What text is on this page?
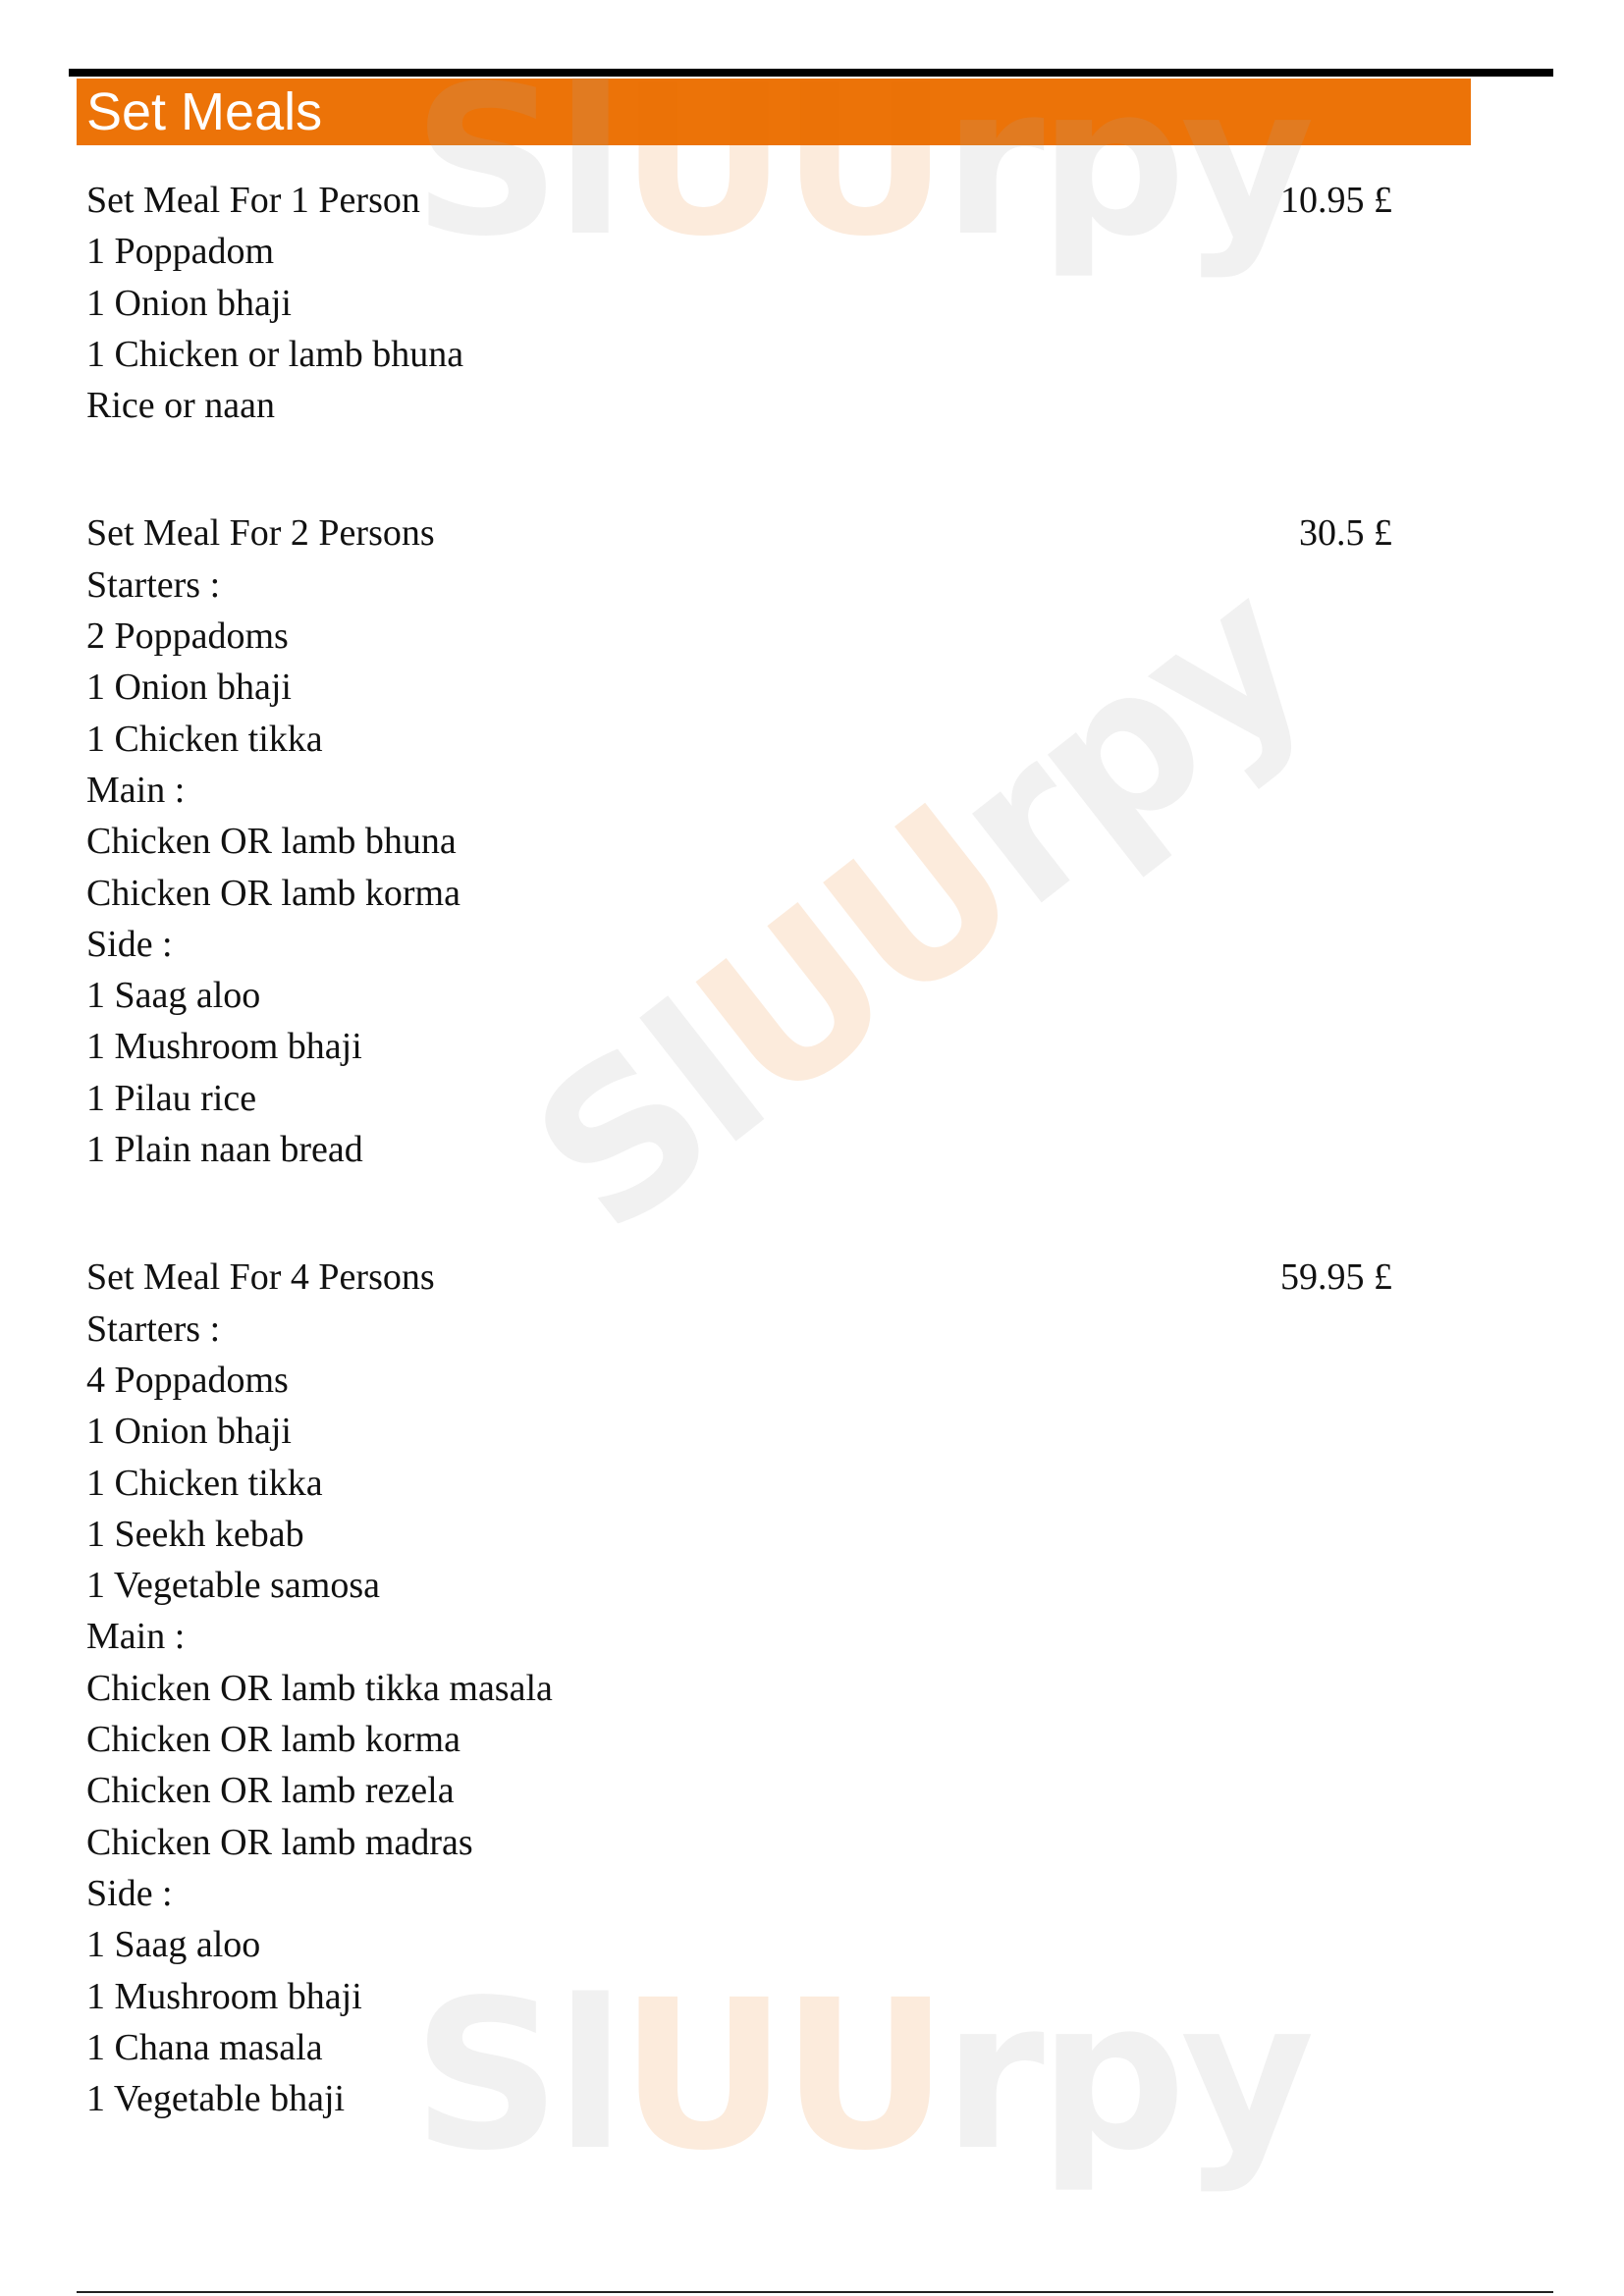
Set Meals SlUUrpy
SlUUrpy
SlUUrpy
Set Meal For 1 Person	10.95 £
1 Poppadom
1 Onion bhaji
1 Chicken or lamb bhuna
Rice or naan
Set Meal For 2 Persons	30.5 £
Starters :
2 Poppadoms
1 Onion bhaji
1 Chicken tikka
Main :
Chicken OR lamb bhuna
Chicken OR lamb korma
Side :
1 Saag aloo
1 Mushroom bhaji
1 Pilau rice
1 Plain naan bread
Set Meal For 4 Persons	59.95 £
Starters :
4 Poppadoms
1 Onion bhaji
1 Chicken tikka
1 Seekh kebab
1 Vegetable samosa
Main :
Chicken OR lamb tikka masala
Chicken OR lamb korma
Chicken OR lamb rezela
Chicken OR lamb madras
Side :
1 Saag aloo
1 Mushroom bhaji
1 Chana masala
1 Vegetable bhaji
